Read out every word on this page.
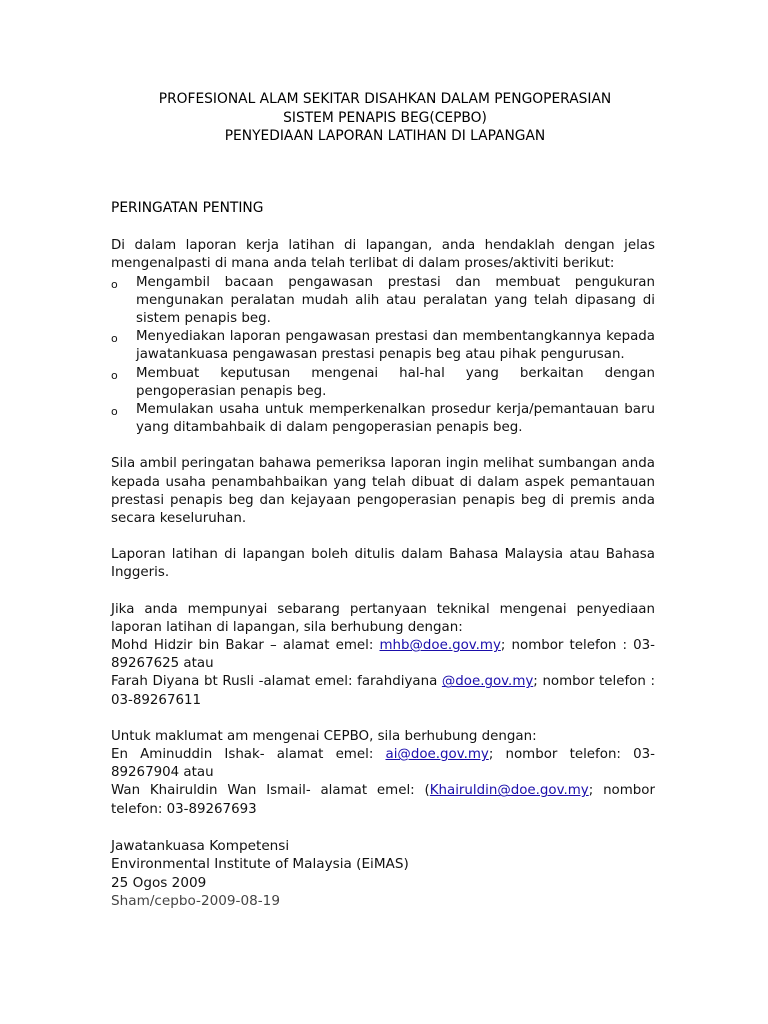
PROFESIONAL ALAM SEKITAR DISAHKAN DALAM PENGOPERASIAN
SISTEM PENAPIS BEG(CEPBO)
PENYEDIAAN LAPORAN LATIHAN DI LAPANGAN
PERINGATAN PENTING

Di dalam laporan kerja latihan di lapangan, anda hendaklah dengan jelas mengenalpasti di mana anda telah terlibat di dalam proses/aktiviti berikut:

o Mengambil bacaan pengawasan prestasi dan membuat pengukuran mengunakan peralatan mudah alih atau peralatan yang telah dipasang di sistem penapis beg.
o Menyediakan laporan pengawasan prestasi dan membentangkannya kepada jawatankuasa pengawasan prestasi penapis beg atau pihak pengurusan.
o Membuat keputusan mengenai hal-hal yang berkaitan dengan pengoperasian penapis beg.
o Memulakan usaha untuk memperkenalkan prosedur kerja/pemantauan baru yang ditambahbaik di dalam pengoperasian penapis beg.

Sila ambil peringatan bahawa pemeriksa laporan ingin melihat sumbangan anda kepada usaha penambahbaikan yang telah dibuat di dalam aspek pemantauan prestasi penapis beg dan kejayaan pengoperasian penapis beg di premis anda secara keseluruhan.

Laporan latihan di lapangan boleh ditulis dalam Bahasa Malaysia atau Bahasa Inggeris.

Jika anda mempunyai sebarang pertanyaan teknikal mengenai penyediaan laporan latihan di lapangan, sila berhubung dengan:

Mohd Hidzir bin Bakar – alamat emel: mhb@doe.gov.my; nombor telefon : 03-
89267625 atau
Farah Diyana bt Rusli -alamat emel: farahdiyana @doe.gov.my; nombor telefon :
03-89267611

Untuk maklumat am mengenai CEPBO, sila berhubung dengan:

En Aminuddin Ishak- alamat emel: ai@doe.gov.my; nombor telefon: 03-
89267904 atau
Wan Khairuldin Wan Ismail- alamat emel: (Khairuldin@doe.gov.my; nombor
telefon: 03-89267693
Jawatankuasa Kompetensi
Environmental Institute of Malaysia (EiMAS)
25 Ogos 2009
Sham/cepbo-2009-08-19
